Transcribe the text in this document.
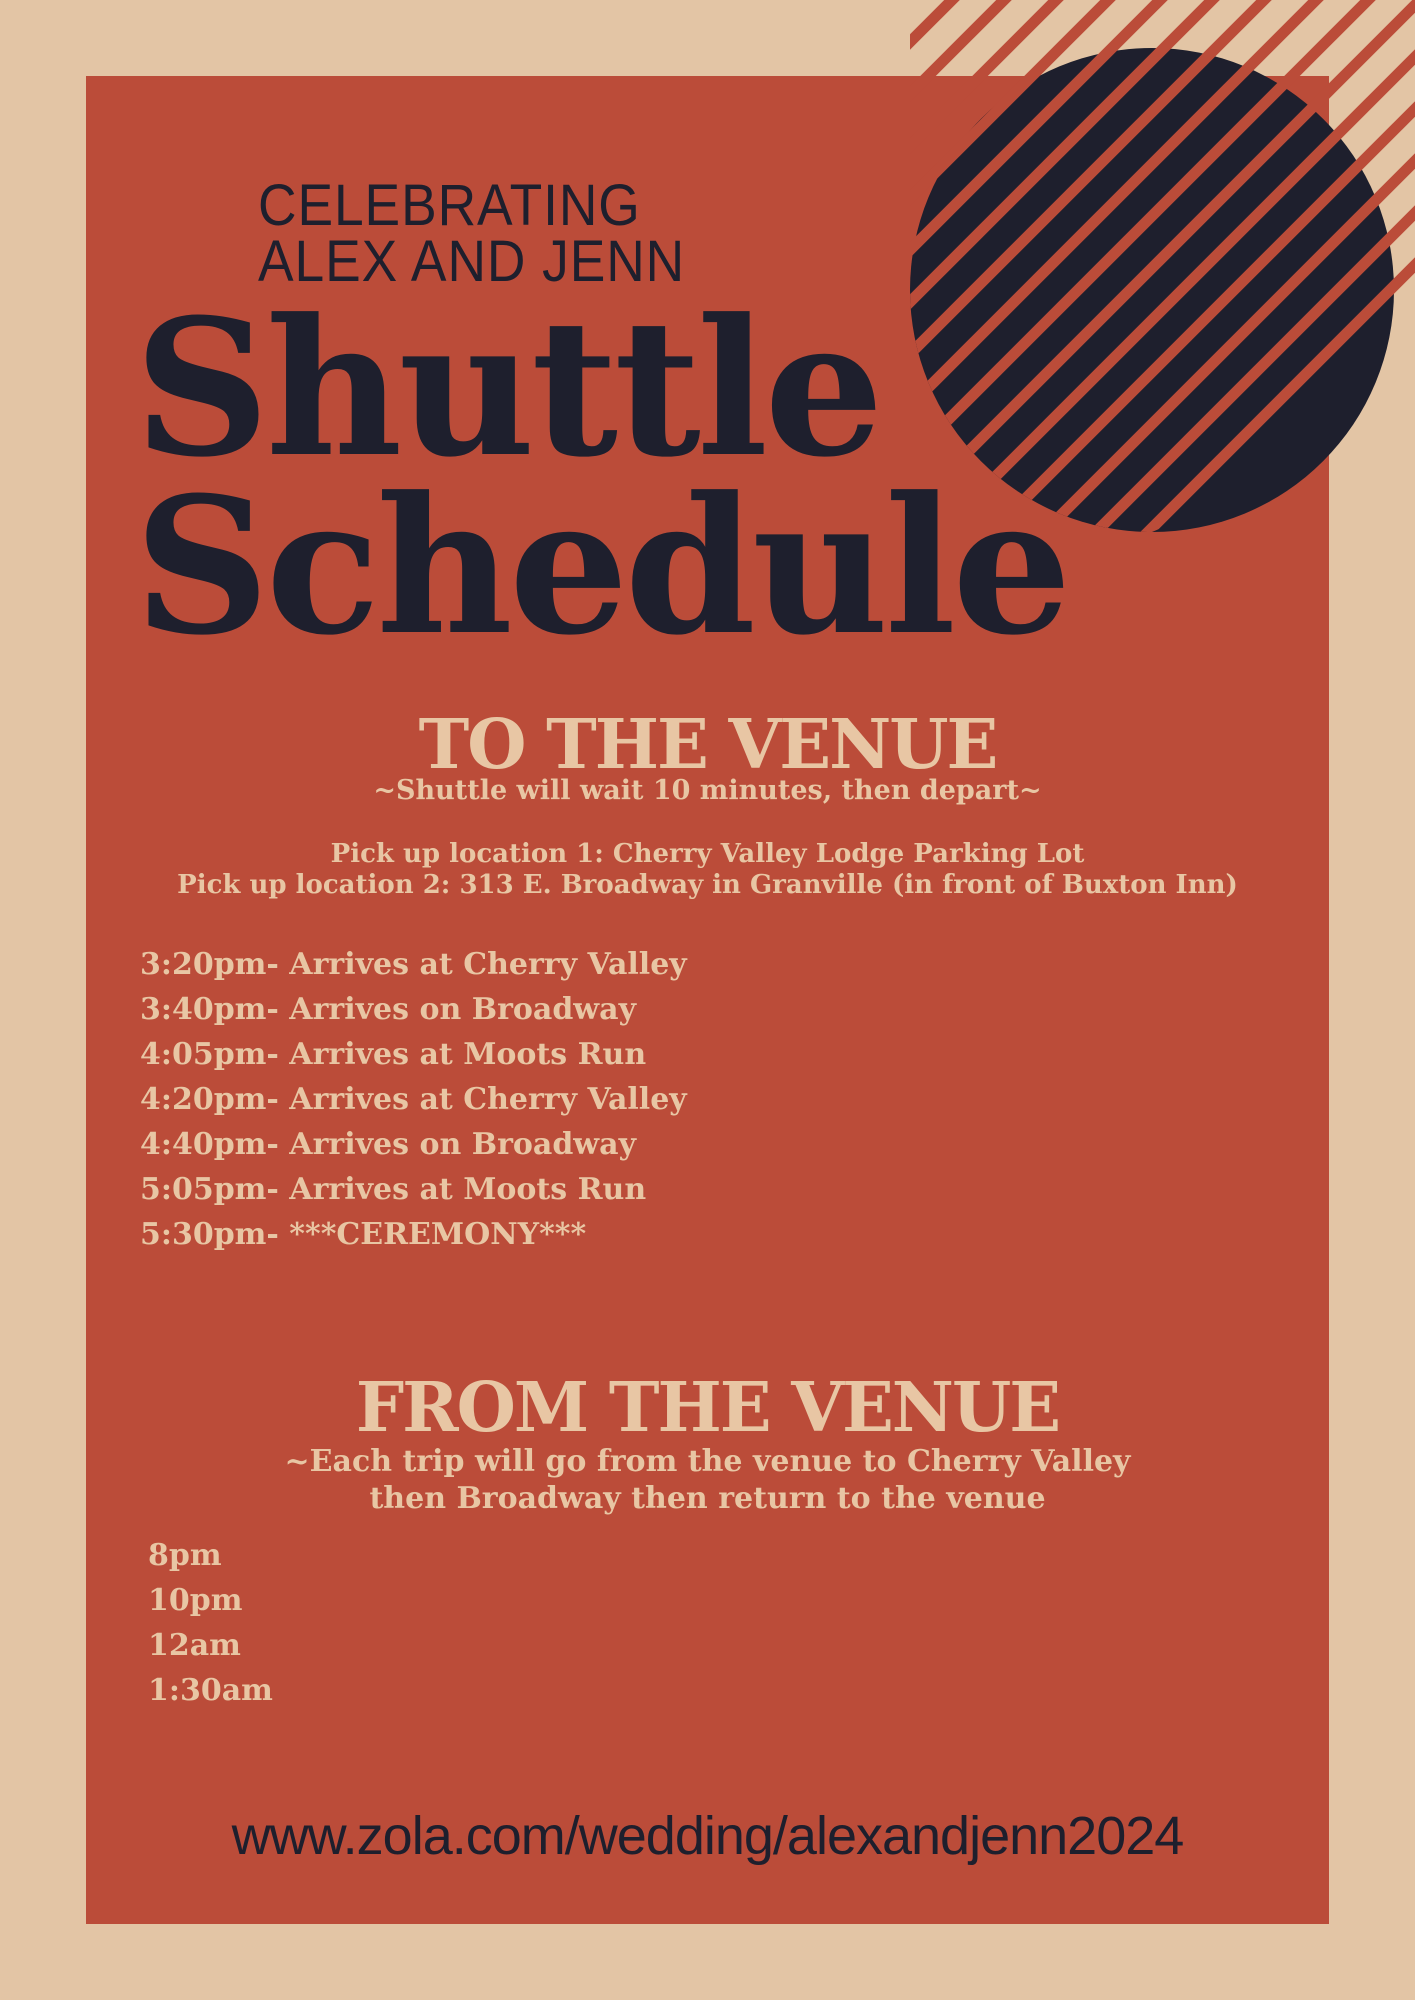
CELEBRATING
ALEX AND JENN
Shuttle
Schedule
TO THE VENUE
~Shuttle will wait 10 minutes, then depart~
Pick up location 1: Cherry Valley Lodge Parking Lot
Pick up location 2: 313 E. Broadway in Granville (in front of Buxton Inn)
3:20pm- Arrives at Cherry Valley
3:40pm- Arrives on Broadway
4:05pm- Arrives at Moots Run
4:20pm- Arrives at Cherry Valley
4:40pm- Arrives on Broadway
5:05pm- Arrives at Moots Run
5:30pm- ***CEREMONY***
FROM THE VENUE
~Each trip will go from the venue to Cherry Valley
then Broadway then return to the venue
8pm
10pm
12am
1:30am
www.zola.com/wedding/alexandjenn2024
